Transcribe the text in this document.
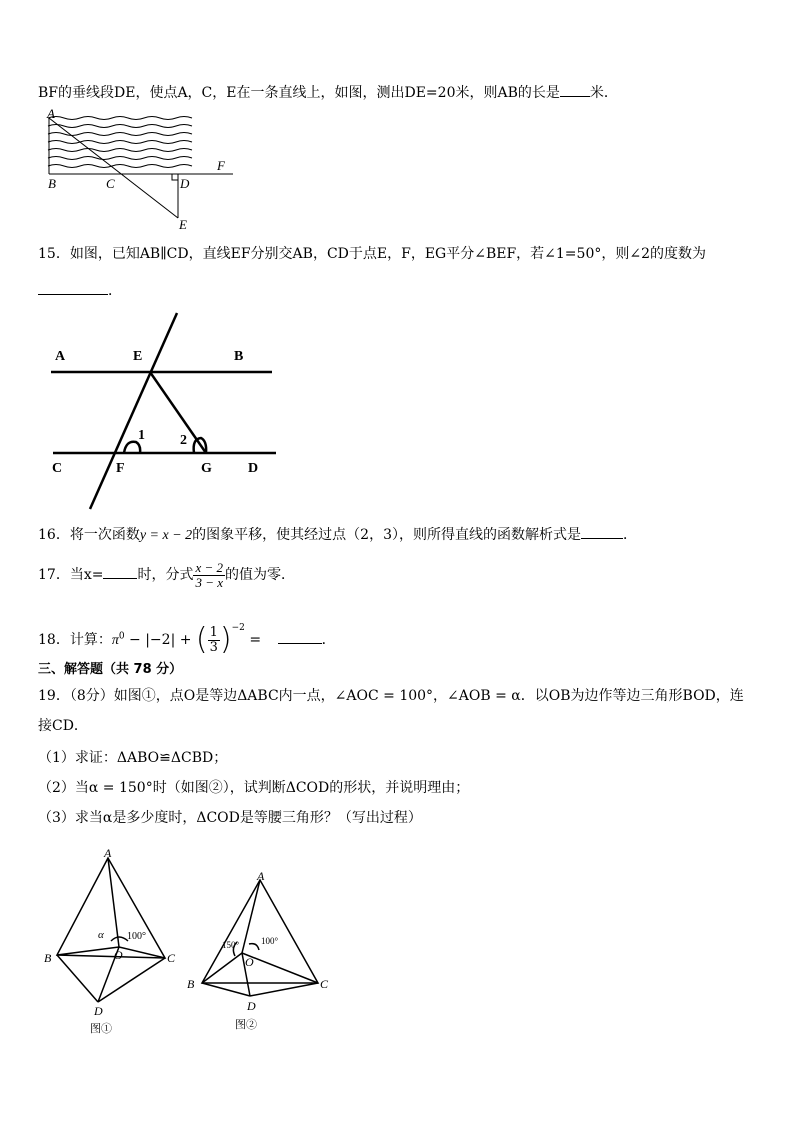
BF的垂线段DE，使点A，C，E在一条直线上，如图，测出DE=20米，则AB的长是 米．
A
B	C	D
E
F
15．如图，已知AB∥CD，直线EF分别交AB，CD于点E，F，EG平分∠BEF，若∠1=50°，则∠2的度数为
．
A	E	B
C	F	G	D
1	2
16．将一次函数y = x − 2的图象平移，使其经过点（2，3），则所得直线的函数解析式是	．
17．当x= 时，分式 $\frac{x - 2}{3 - x}$ 的值为零．
18．计算：$\pi^0 - |-2|$ + ( $\frac{1}{3} )^{-2}$ =	．
三、解答题（共 78 分）
19．（8分）如图①，点O是等边ΔABC内一点，∠AOC = 100°，∠AOB = α．以OB为边作等边三角形BOD，连
接CD．
（1）求证：ΔABO≌ΔCBD；
（2）当α = 150°时（如图②），试判断ΔCOD的形状，并说明理由；
（3）求当α是多少度时，ΔCOD是等腰三角形？（写出过程）
A
B	C
O
D
α 100°
图①
A
B	C
O
D
150° 100°
图②
